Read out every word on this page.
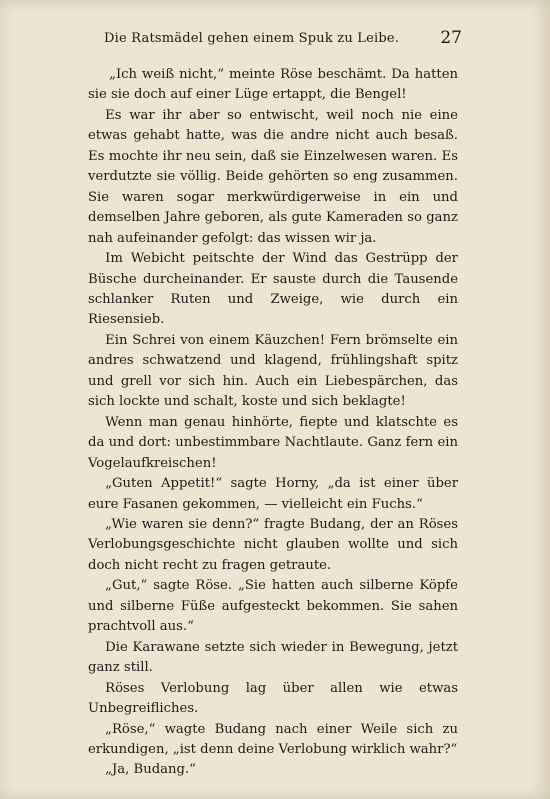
Die Ratsmädel gehen einem Spuk zu Leibe. 27

„Ich weiß nicht,“ meinte Röse beschämt. Da hatten sie sie doch auf einer Lüge ertappt, die Bengel!

Es war ihr aber so entwischt, weil noch nie eine etwas gehabt hatte, was die andre nicht auch besaß. Es mochte ihr neu sein, daß sie Einzelwesen waren. Es verdutzte sie völlig. Beide gehörten so eng zusammen. Sie waren sogar merkwürdigerweise in ein und demselben Jahre geboren, als gute Kameraden so ganz nah aufeinander gefolgt: das wissen wir ja.

Im Webicht peitschte der Wind das Gestrüpp der Büsche durcheinander. Er sauste durch die Tausende schlanker Ruten und Zweige, wie durch ein Riesensieb.

Ein Schrei von einem Käuzchen! Fern brömselte ein andres schwatzend und klagend, frühlingshaft spitz und grell vor sich hin. Auch ein Liebespärchen, das sich lockte und schalt, koste und sich beklagte!

Wenn man genau hinhörte, fiepte und klatschte es da und dort: unbestimmbare Nachtlaute. Ganz fern ein Vogelaufkreischen!

„Guten Appetit!“ sagte Horny, „da ist einer über eure Fasanen gekommen, — vielleicht ein Fuchs.“

„Wie waren sie denn?“ fragte Budang, der an Röses Verlobungsgeschichte nicht glauben wollte und sich doch nicht recht zu fragen getraute.

„Gut,“ sagte Röse. „Sie hatten auch silberne Köpfe und silberne Füße aufgesteckt bekommen. Sie sahen prachtvoll aus.“

Die Karawane setzte sich wieder in Bewegung, jetzt ganz still.

Röses Verlobung lag über allen wie etwas Unbegreifliches.

„Röse,“ wagte Budang nach einer Weile sich zu erkundigen, „ist denn deine Verlobung wirklich wahr?“

„Ja, Budang.“
